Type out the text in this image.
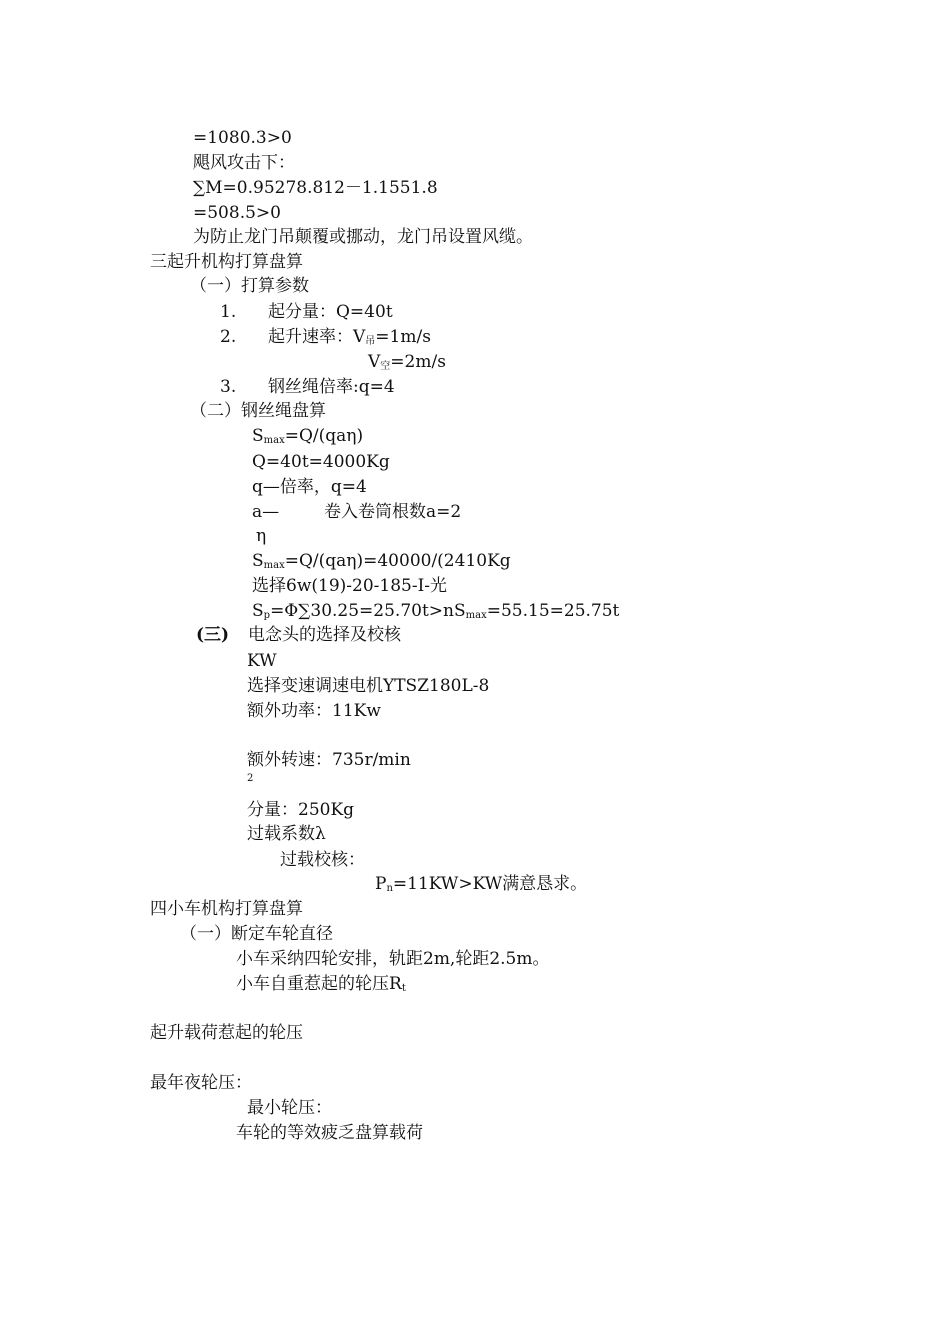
=1080.3>0
飓风攻击下：
∑M=0.95278.812－1.1551.8
=508.5>0
为防止龙门吊颠覆或挪动，龙门吊设置风缆。
三起升机构打算盘算
（一）打算参数
1. 起分量：Q=40t
2. 起升速率：$V_吊=1m/s$
$V_空=2m/s$
3. 钢丝绳倍率:q=4
（二）钢丝绳盘算
$S_{max}=Q/(qa\eta)$
Q=40t=4000Kg
q—倍率，q=4
a—	卷入卷筒根数a=2
η
$S_{max}=Q/(qa\eta)=40000/(2410Kg$
选择6w(19)-20-185-Ⅰ-光
$S_p=\Phi\sum 30.25=25.70t>nS_{max}=55.15=25.75t$
(三) 电念头的选择及校核
KW
选择变速调速电机YTSZ180L-8
额外功率：11Kw
额外转速：735r/min
2
分量：250Kg
过载系数λ
过载校核：
$P_n=11KW>KW$满意恳求。
四小车机构打算盘算
（一）断定车轮直径
小车采纳四轮安排，轨距2m,轮距2.5m。
小车自重惹起的轮压$R_t$
起升载荷惹起的轮压
最年夜轮压：
最小轮压：
车轮的等效疲乏盘算载荷
